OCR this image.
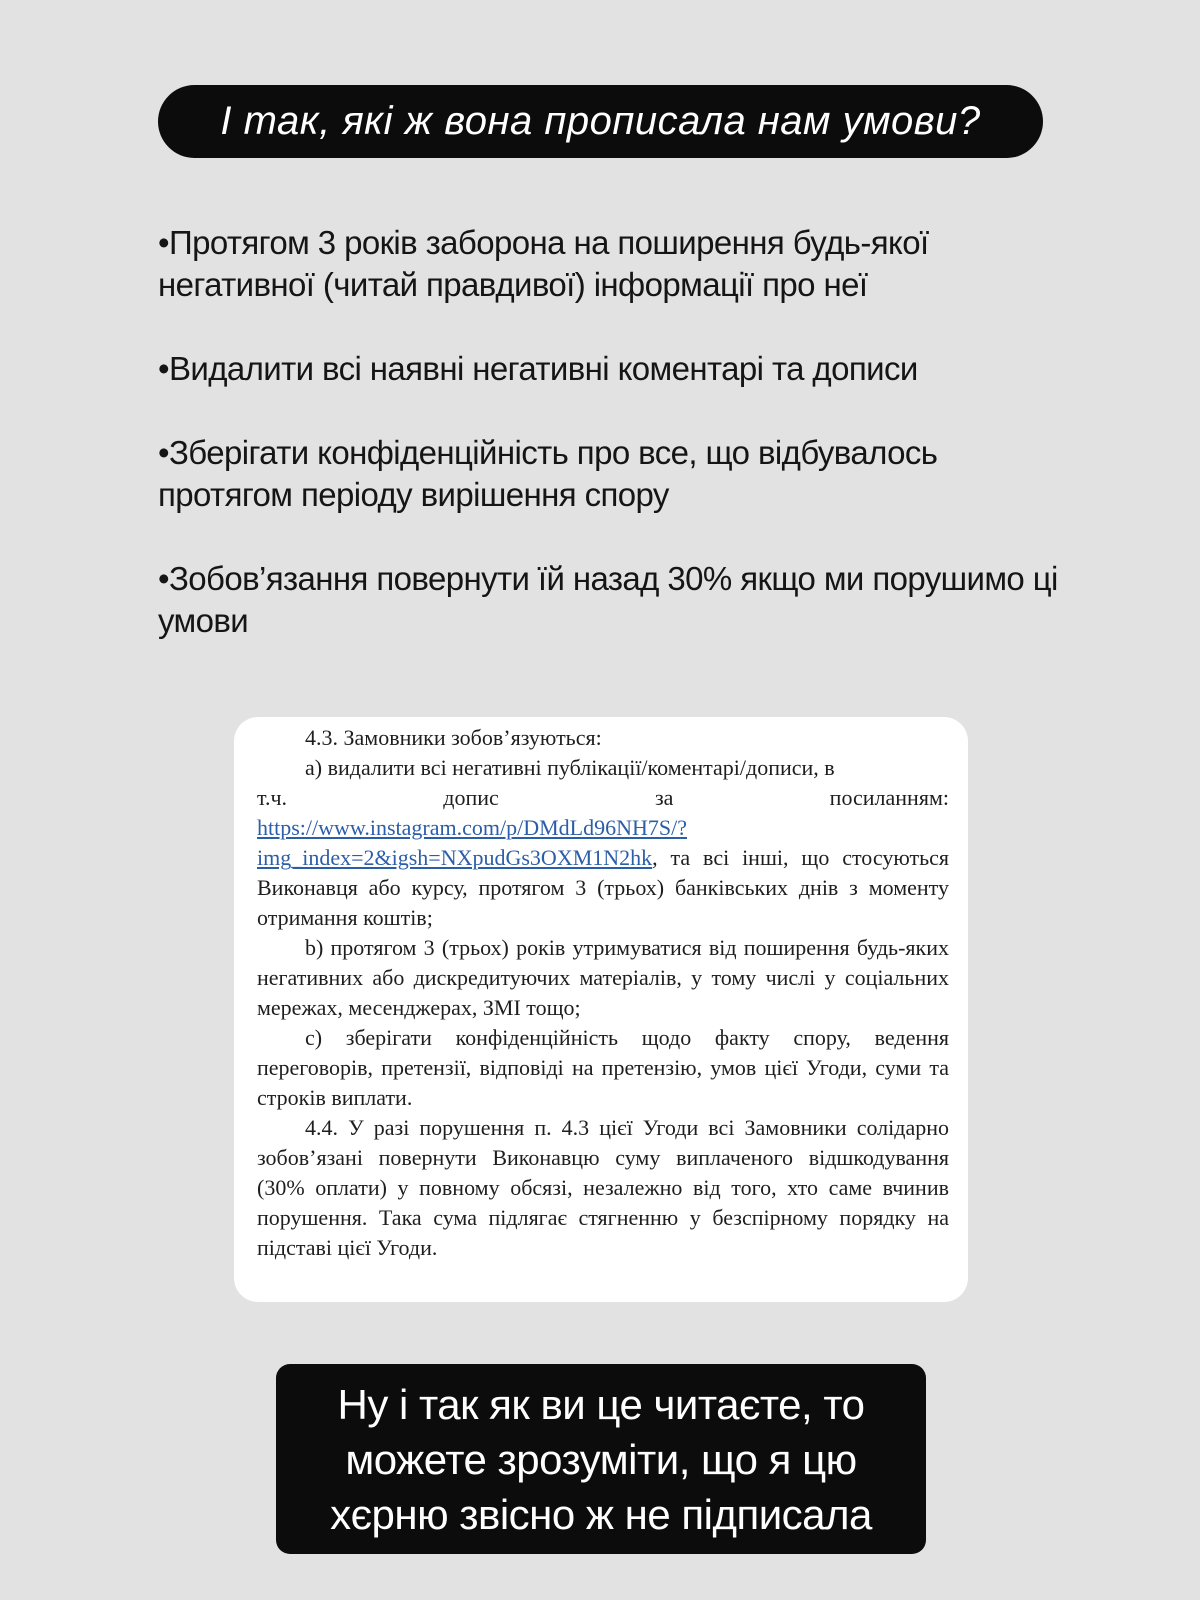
І так, які ж вона прописала нам умови?
•Протягом 3 років заборона на поширення будь-якої негативної (читай правдивої) інформації про неї
•Видалити всі наявні негативні коментарі та дописи
•Зберігати конфіденційність про все, що відбувалось протягом періоду вирішення спору
•Зобов’язання повернути їй назад 30% якщо ми порушимо ці умови

4.3. Замовники зобов’язуються:

а) видалити всі негативні публікації/коментарі/дописи, в

т.ч.	допис	за	посиланням:

https://www.instagram.com/p/DMdLd96NH7S/?

img_index=2&igsh=NXpudGs3OXM1N2hk, та всі інші, що стосуються Виконавця або курсу, протягом 3 (трьох) банківських днів з моменту отримання коштів;

b) протягом 3 (трьох) років утримуватися від поширення будь-яких негативних або дискредитуючих матеріалів, у тому числі у соціальних мережах, месенджерах, ЗМІ тощо;

с) зберігати конфіденційність щодо факту спору, ведення переговорів, претензії, відповіді на претензію, умов цієї Угоди, суми та строків виплати.

4.4. У разі порушення п. 4.3 цієї Угоди всі Замовники солідарно зобов’язані повернути Виконавцю суму виплаченого відшкодування (30% оплати) у повному обсязі, незалежно від того, хто саме вчинив порушення. Така сума підлягає стягненню у безспірному порядку на підставі цієї Угоди.

Ну і так як ви це читаєте, то
можете зрозуміти, що я цю
хєрню звісно ж не підписала
